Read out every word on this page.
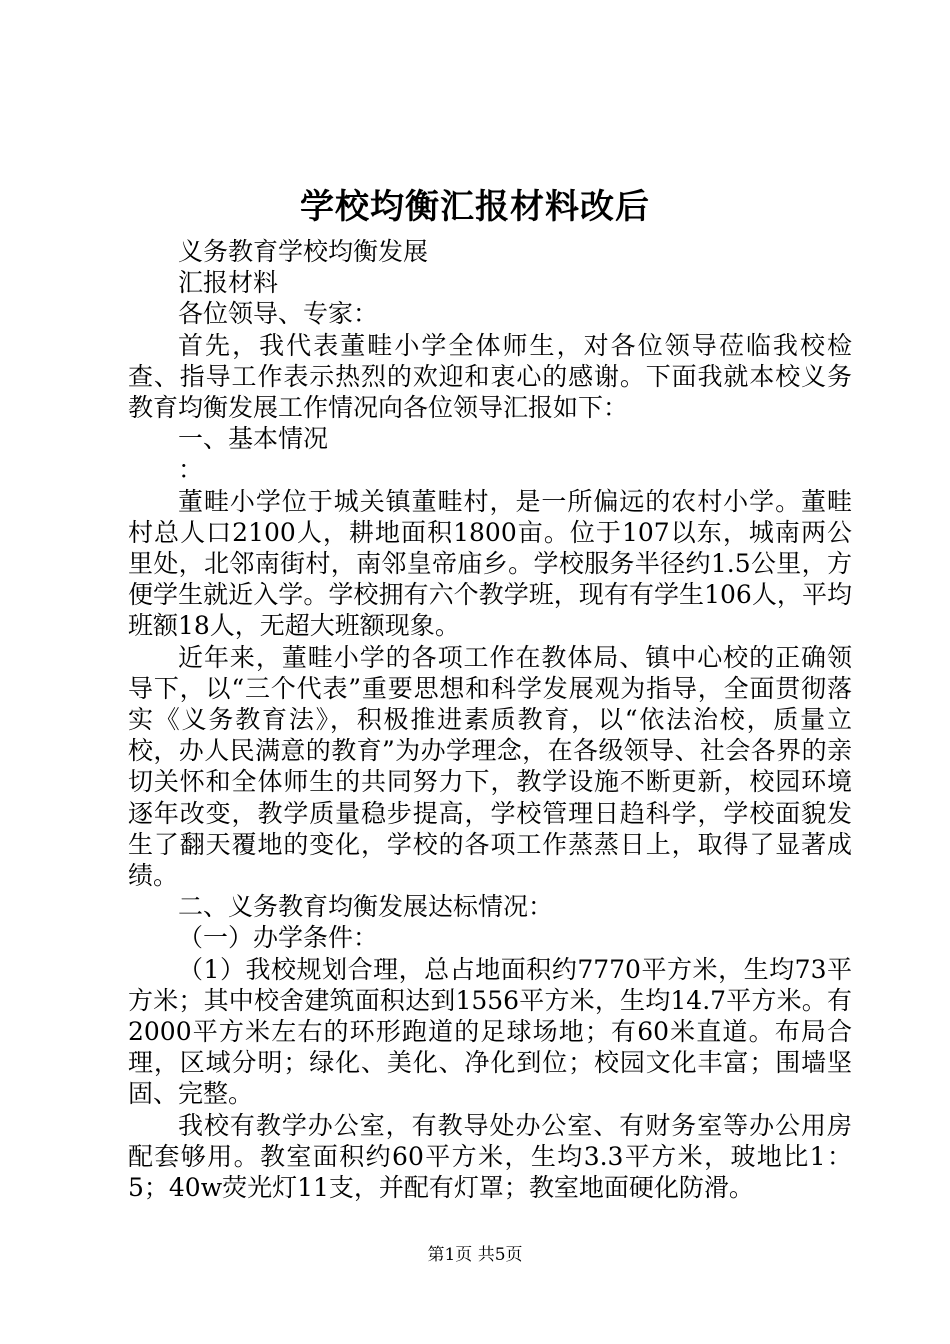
学校均衡汇报材料改后

义务教育学校均衡发展

汇报材料

各位领导、专家：

首先，我代表董畦小学全体师生，对各位领导莅临我校检查、指导工作表示热烈的欢迎和衷心的感谢。下面我就本校义务教育均衡发展工作情况向各位领导汇报如下：

一、基本情况

：

董畦小学位于城关镇董畦村，是一所偏远的农村小学。董畦村总人口2100人，耕地面积1800亩。位于107以东，城南两公里处，北邻南街村，南邻皇帝庙乡。学校服务半径约1.5公里，方便学生就近入学。学校拥有六个教学班，现有有学生106人，平均班额18人，无超大班额现象。

近年来，董畦小学的各项工作在教体局、镇中心校的正确领导下，以“三个代表”重要思想和科学发展观为指导，全面贯彻落实《义务教育法》，积极推进素质教育，以“依法治校，质量立校，办人民满意的教育”为办学理念，在各级领导、社会各界的亲切关怀和全体师生的共同努力下，教学设施不断更新，校园环境逐年改变，教学质量稳步提高，学校管理日趋科学，学校面貌发生了翻天覆地的变化，学校的各项工作蒸蒸日上，取得了显著成绩。

二、义务教育均衡发展达标情况：

（一）办学条件：

（1）我校规划合理，总占地面积约7770平方米，生均73平方米；其中校舍建筑面积达到1556平方米，生均14.7平方米。有2000平方米左右的环形跑道的足球场地；有60米直道。布局合理，区域分明；绿化、美化、净化到位；校园文化丰富；围墙坚固、完整。

我校有教学办公室，有教导处办公室、有财务室等办公用房配套够用。教室面积约60平方米，生均3.3平方米，玻地比1：5；40w荧光灯11支，并配有灯罩；教室地面硬化防滑。

第1页 共5页
